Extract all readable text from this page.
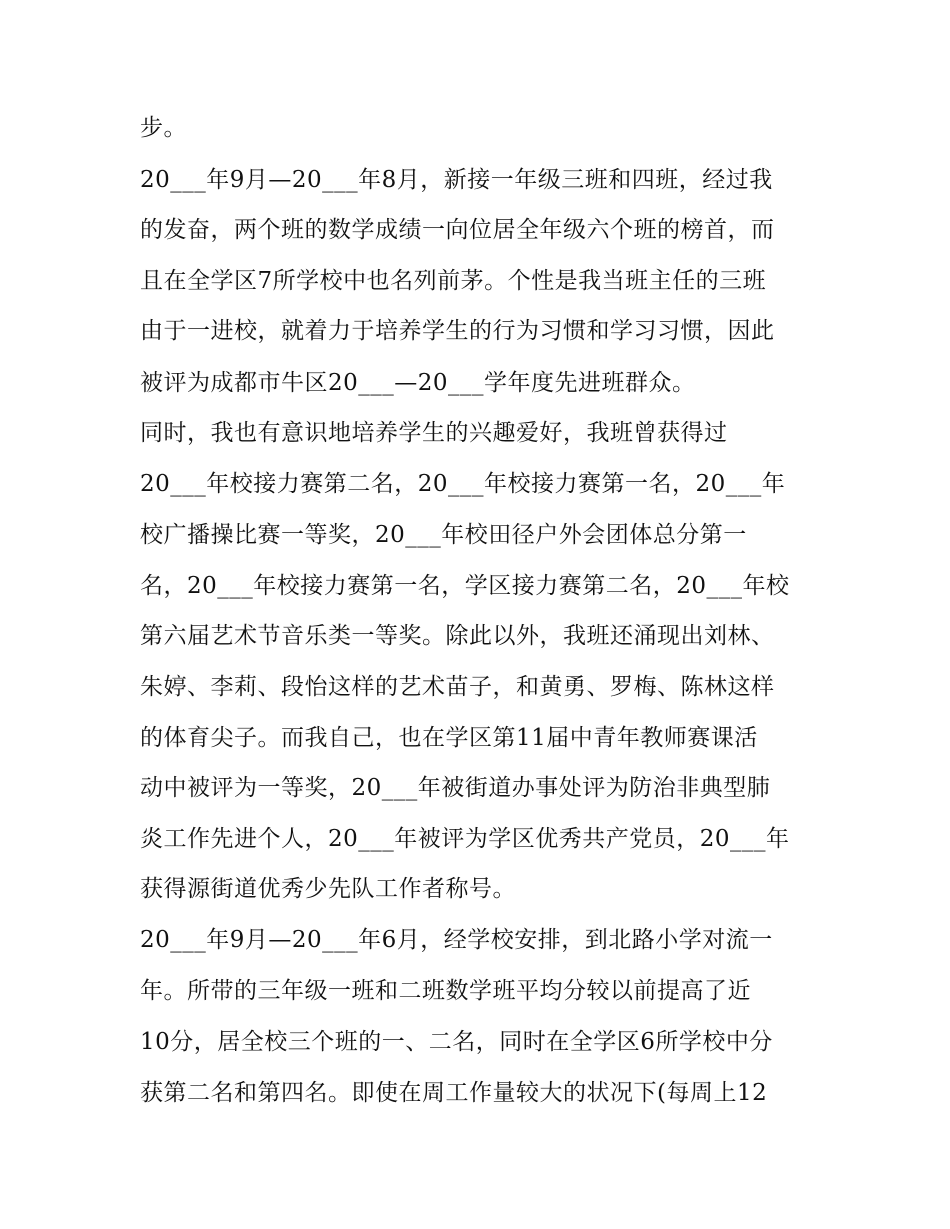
步。
20___年9月—20___年8月，新接一年级三班和四班，经过我
的发奋，两个班的数学成绩一向位居全年级六个班的榜首，而
且在全学区7所学校中也名列前茅。个性是我当班主任的三班
由于一进校，就着力于培养学生的行为习惯和学习习惯，因此
被评为成都市牛区20___—20___学年度先进班群众。
同时，我也有意识地培养学生的兴趣爱好，我班曾获得过
20___年校接力赛第二名，20___年校接力赛第一名，20___年
校广播操比赛一等奖，20___年校田径户外会团体总分第一
名，20___年校接力赛第一名，学区接力赛第二名，20___年校
第六届艺术节音乐类一等奖。除此以外，我班还涌现出刘林、
朱婷、李莉、段怡这样的艺术苗子，和黄勇、罗梅、陈林这样
的体育尖子。而我自己，也在学区第11届中青年教师赛课活
动中被评为一等奖，20___年被街道办事处评为防治非典型肺
炎工作先进个人，20___年被评为学区优秀共产党员，20___年
获得源街道优秀少先队工作者称号。
20___年9月—20___年6月，经学校安排，到北路小学对流一
年。所带的三年级一班和二班数学班平均分较以前提高了近
10分，居全校三个班的一、二名，同时在全学区6所学校中分
获第二名和第四名。即使在周工作量较大的状况下(每周上12
